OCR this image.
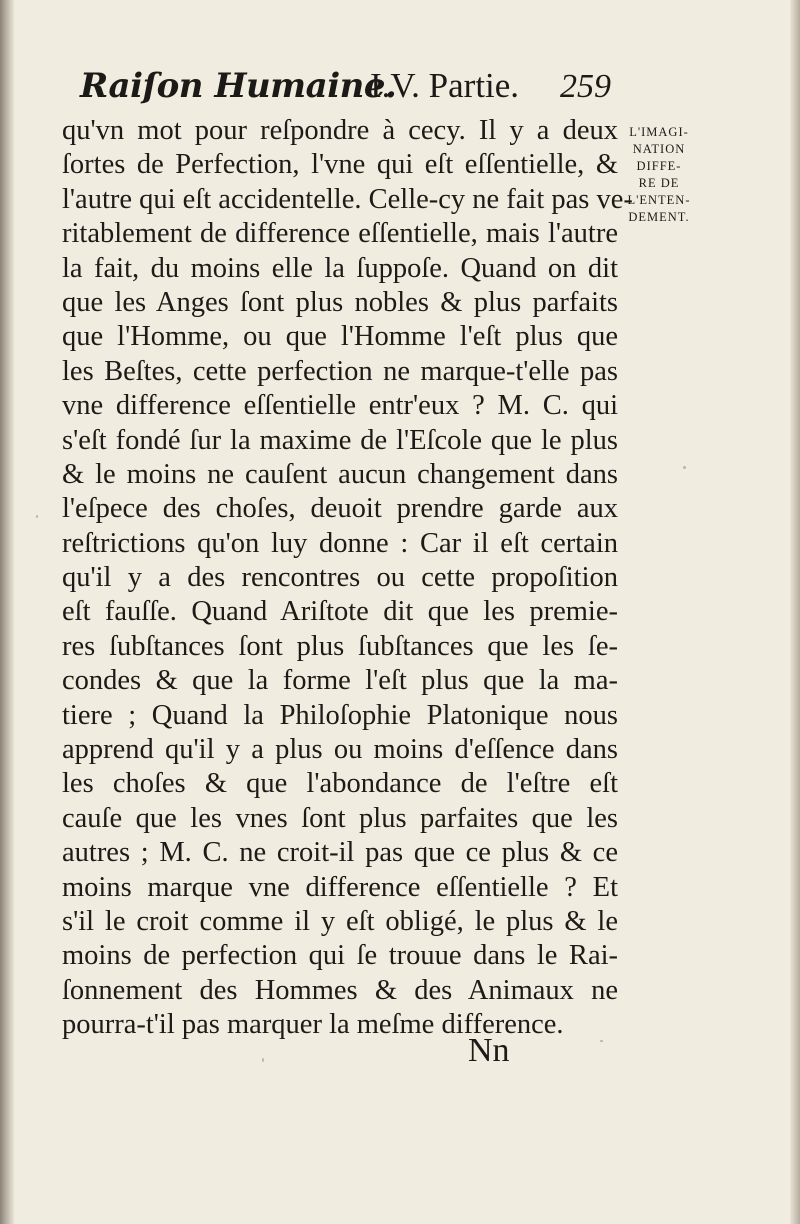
Raiſon Humaine.
I.V. Partie. 259
qu'vn mot pour reſpondre à cecy. Il y a deux
ſortes de Perfection, l'vne qui eſt eſſentielle, &
l'autre qui eſt accidentelle. Celle-cy ne fait pas ve-
ritablement de difference eſſentielle, mais l'autre
la fait, du moins elle la ſuppoſe. Quand on dit
que les Anges ſont plus nobles & plus parfaits
que l'Homme, ou que l'Homme l'eſt plus que
les Beſtes, cette perfection ne marque-t'elle pas
vne difference eſſentielle entr'eux ? M. C. qui
s'eſt fondé ſur la maxime de l'Eſcole que le plus
& le moins ne cauſent aucun changement dans
l'eſpece des choſes, deuoit prendre garde aux
reſtrictions qu'on luy donne : Car il eſt certain
qu'il y a des rencontres ou cette propoſition
eſt fauſſe. Quand Ariſtote dit que les premie-
res ſubſtances ſont plus ſubſtances que les ſe-
condes & que la forme l'eſt plus que la ma-
tiere ; Quand la Philoſophie Platonique nous
apprend qu'il y a plus ou moins d'eſſence dans
les choſes & que l'abondance de l'eſtre eſt
cauſe que les vnes ſont plus parfaites que les
autres ; M. C. ne croit-il pas que ce plus & ce
moins marque vne difference eſſentielle ? Et
s'il le croit comme il y eſt obligé, le plus & le
moins de perfection qui ſe trouue dans le Rai-
ſonnement des Hommes & des Animaux ne
pourra-t'il pas marquer la meſme difference.
L'IMAGI-
NATION
DIFFE-
RE DE
L'ENTEN-
DEMENT.
Nn
